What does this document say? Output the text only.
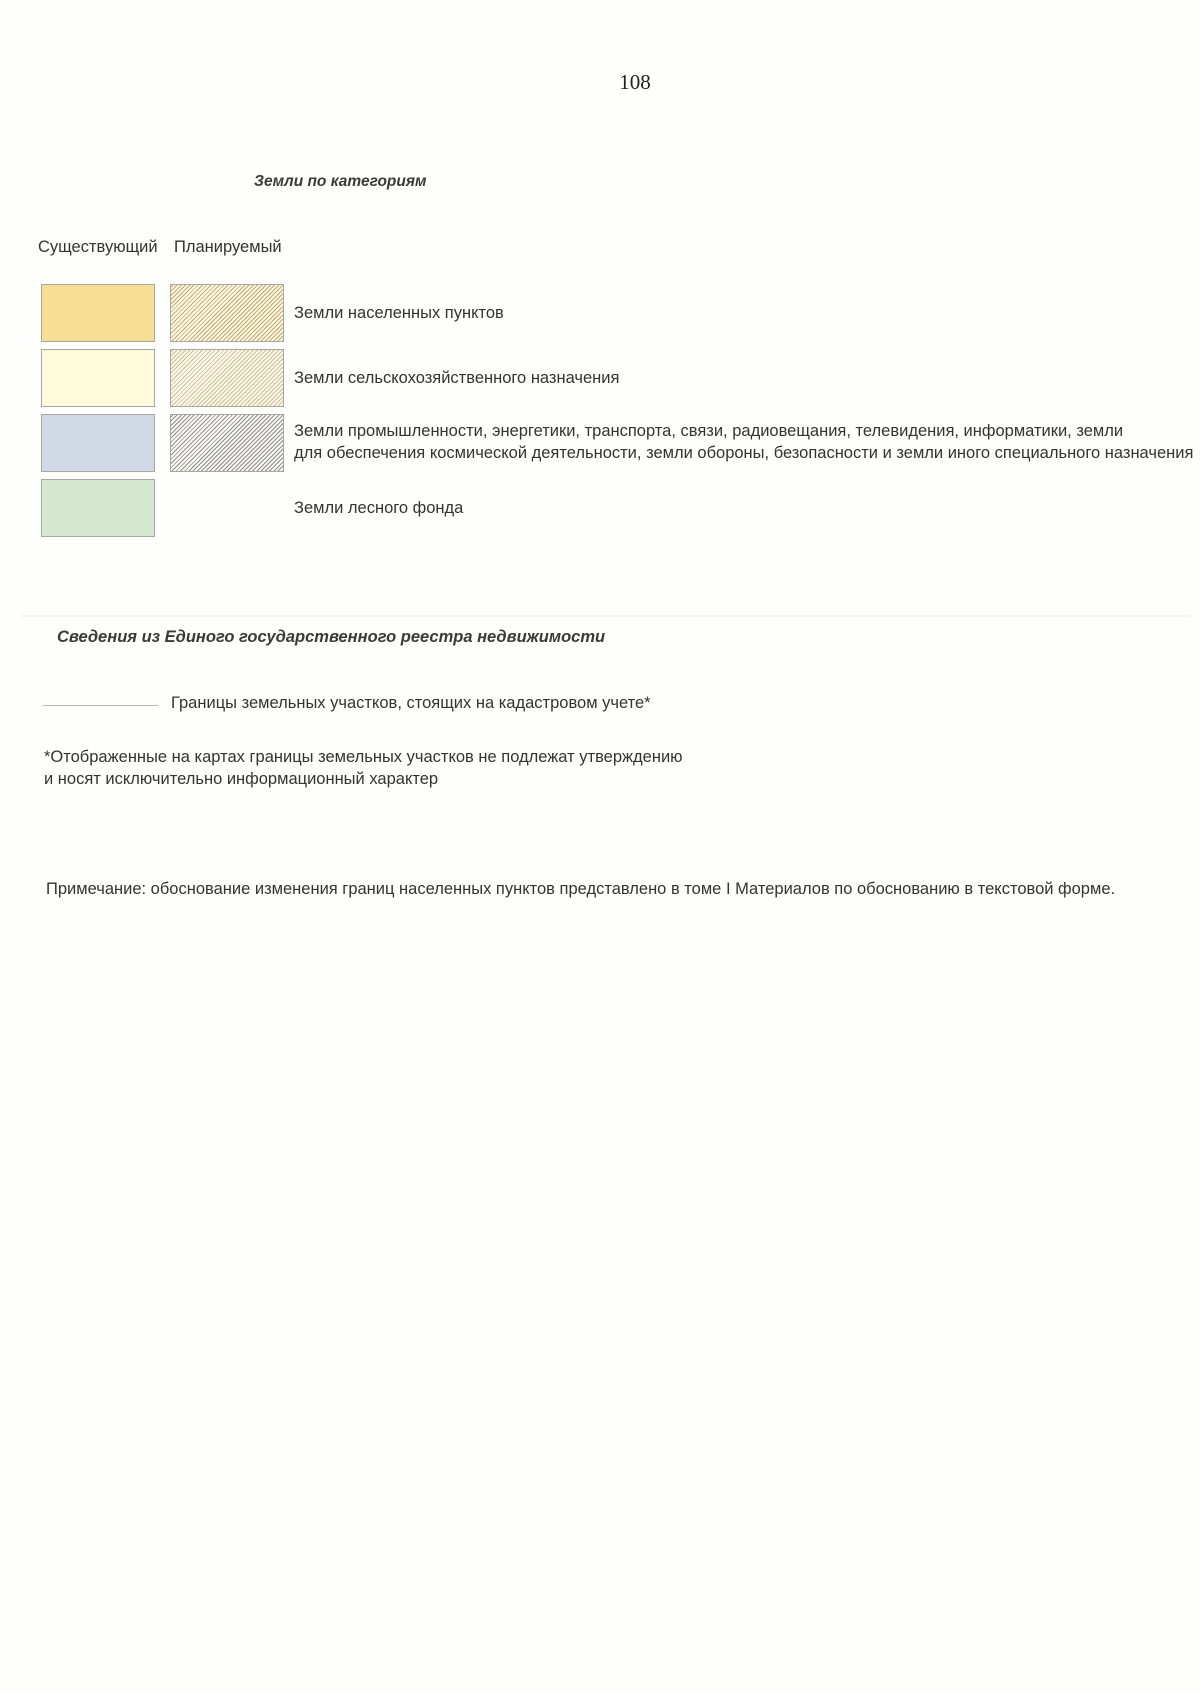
108
Земли по категориям
Существующий Планируемый
Земли населенных пунктов
Земли сельскохозяйственного назначения
Земли промышленности, энергетики, транспорта, связи, радиовещания, телевидения, информатики, земли
для обеспечения космической деятельности, земли обороны, безопасности и земли иного специального назначения
Земли лесного фонда
Сведения из Единого государственного реестра недвижимости
Границы земельных участков, стоящих на кадастровом учете*
*Отображенные на картах границы земельных участков не подлежат утверждению
и носят исключительно информационный характер
Примечание: обоснование изменения границ населенных пунктов представлено в томе I Материалов по обоснованию в текстовой форме.
